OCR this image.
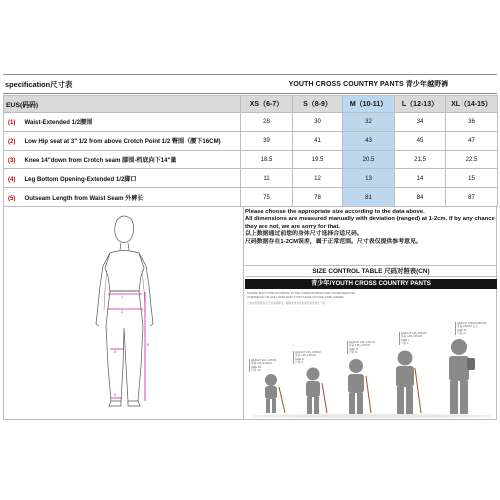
specification尺寸表	YOUTH CROSS COUNTRY PANTS 青少年越野裤
EUS(码码)	XS（6-7）	S（8-9）	M（10-11）	L（12-13）	XL（14-15）
(1) Waist-Extended 1/2腰围	28	30	32	34	36
(2) Low Hip seat at 3" 1/2 from above Crotch Point 1/2 臀围（腰下16CM)	39	41	43	45	47
(3) Knee 14"down from Crotch seam 膝围-档底向下14"量	18.5	19.5	20.5	21.5	22.5
(4) Leg Bottom Opening-Extended 1/2脚口	11	12	13	14	15
(5) Outseam Length from Waist Seam 外裤长	75	78	81	84	87
1
2
3
4
5

Please choose the appropriate size according to the data above.

All dimensions are measured manually with deviation (ranged) at 1-2cm. If by any chance they are not, we are sorry for that.

以上数据通过前您的身体尺寸选择合适尺码。

尺码数据存在1-2CM误差，属于正常范围。尺寸表仅提供参考意见。

SIZE CONTROL TABLE 尺码对照表(CN)
青少年/YOUTH CROSS COUNTRY PANTS

NORMAL BODY TYPE ACCORDING TO THE CORRESPONDING SIZE CAN BE SELECTED,

OVERWEIGHT OR LIKE LOOSE BODY TYPE PLEASE CHOOSE A SIZE LARGER.

正常体型根据对应尺码选择即可，偏胖或喜欢宽松体型请选择大一码。

HEIGHT 116~125CM
身高 116~125CM
SIZE XS
尺码 XS
HEIGHT 126~135CM
身高 126~135CM
SIZE S
尺码 S
HEIGHT 136~145CM
身高 136~145CM
SIZE M
尺码 M
HEIGHT 146~155CM
身高 146~155CM
SIZE L
尺码 L
HEIGHT 156CM ABOVE
身高 156CM 以上
SIZE XL
尺码 XL
